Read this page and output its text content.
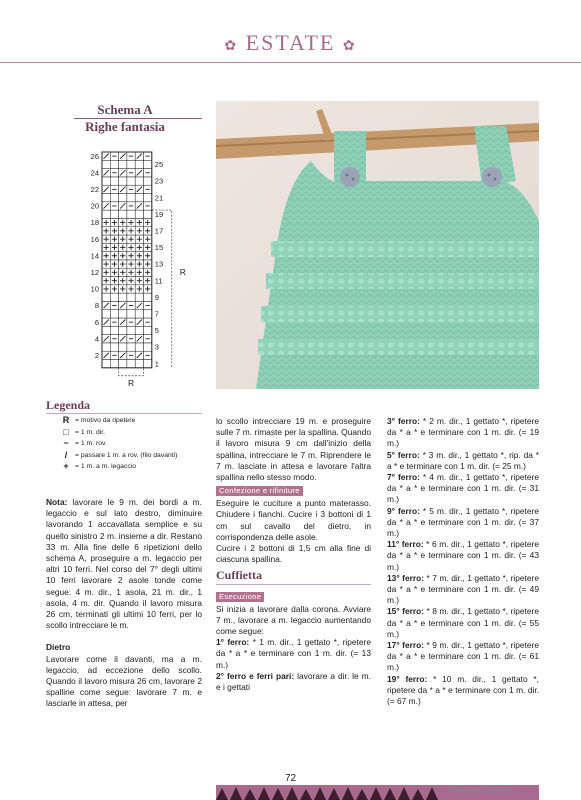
✿ ESTATE ✿
Schema A
Righe fantasia
26
24
22
20
18
16
14
12
10
8
6
4
2
25
23
21
19
17
15
13
11
9
7
5
3
1
R
R
Legenda
R = motivo da ripetere
□ = 1 m. dir.
− = 1 m. rov.
/	= passare 1 m. a rov. (filo davanti)
+ = 1 m. a m. legaccio

Nota: lavorare le 9 m. dei bordi a m. legaccio e sul lato destro, diminuire lavorando 1 accavallata semplice e su quello sinistro 2 m. insieme a dir. Restano 33 m. Alla fine delle 6 ripetizioni dello schema A, proseguire a m. legaccio per altri 10 ferri. Nel corso del 7° degli ultimi 10 ferri lavorare 2 asole tonde come segue: 4 m. dir., 1 asola, 21 m. dir., 1 asola, 4 m. dir. Quando il lavoro misura 26 cm, terminati gli ultimi 10 ferri, per lo scollo intrecciare le m.

Dietro

Lavorare come il davanti, ma a m. legaccio, ad eccezione dello scollo. Quando il lavoro misura 26 cm, lavorare 2 spalline come segue: lavorare 7 m. e lasciarle in attesa, per

lo scollo intrecciare 19 m. e proseguire sulle 7 m. rimaste per la spallina. Quando il lavoro misura 9 cm dall'inizio della spallina, intrecciare le 7 m. Riprendere le 7 m. lasciate in attesa e lavorare l'altra spallina nello stesso modo.

Confezione e rifiniture

Eseguire le cuciture a punto materasso. Chiudere i fianchi. Cucire i 3 bottoni di 1 cm sul cavallo del dietro, in corrispondenza delle asole.

Cucire i 2 bottoni di 1,5 cm alla fine di ciascuna spallina.

Cuffietta
Esecuzione

Si inizia a lavorare dalla corona. Avviare 7 m., lavorare a m. legaccio aumentando come segue:

1° ferro: * 1 m. dir., 1 gettato *, ripetere da * a * e terminare con 1 m. dir. (= 13 m.)

2° ferro e ferri pari: lavorare a dir. le m. e i gettati

3° ferro: * 2 m. dir., 1 gettato *, ripetere da * a * e terminare con 1 m. dir. (= 19 m.)

5° ferro: * 3 m. dir., 1 gettato *, rip. da * a * e terminare con 1 m. dir. (= 25 m.)

7° ferro: * 4 m. dir., 1 gettato *, ripetere da * a * e terminare con 1 m. dir. (= 31 m.)

9° ferro: * 5 m. dir., 1 gettato *, ripetere da * a * e terminare con 1 m. dir. (= 37 m.)

11° ferro: * 6 m. dir., 1 gettato *, ripetere da * a * e terminare con 1 m. dir. (= 43 m.)

13° ferro: * 7 m. dir., 1 gettato *, ripetere da * a * e terminare con 1 m. dir. (= 49 m.)

15° ferro: * 8 m. dir., 1 gettato *, ripetere da * a * e terminare con 1 m. dir. (= 55 m.)

17° ferro: * 9 m. dir., 1 gettato *, ripetere da * a * e terminare con 1 m. dir. (= 61 m.)

19° ferro: * 10 m. dir., 1 gettato *, ripetere da * a * e terminare con 1 m. dir. (= 67 m.)

72
PassionForum.ru
